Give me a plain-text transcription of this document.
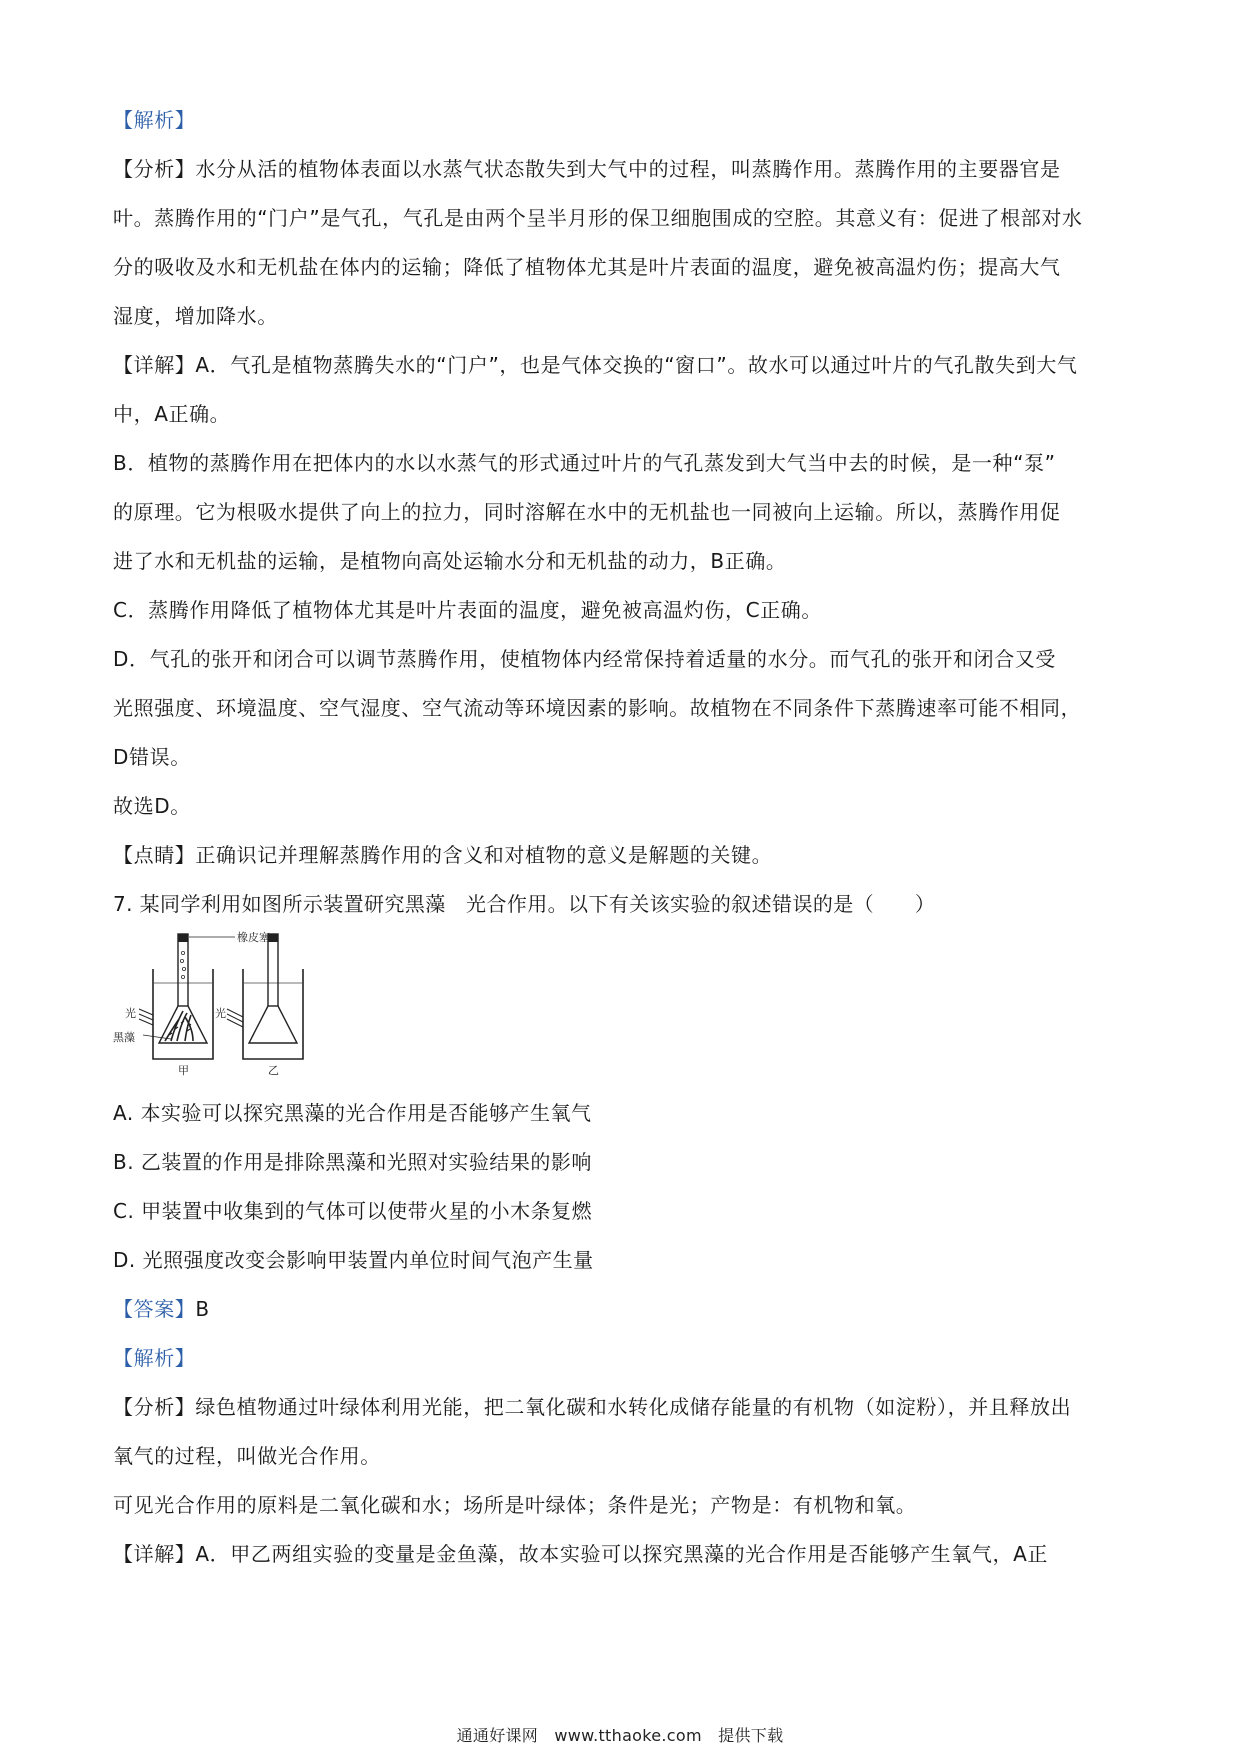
【解析】
【分析】水分从活的植物体表面以水蒸气状态散失到大气中的过程，叫蒸腾作用。蒸腾作用的主要器官是
叶。蒸腾作用的“门户”是气孔，气孔是由两个呈半月形的保卫细胞围成的空腔。其意义有：促进了根部对水
分的吸收及水和无机盐在体内的运输；降低了植物体尤其是叶片表面的温度，避免被高温灼伤；提高大气
湿度，增加降水。
【详解】A．气孔是植物蒸腾失水的“门户”，也是气体交换的“窗口”。故水可以通过叶片的气孔散失到大气
中，A正确。
B．植物的蒸腾作用在把体内的水以水蒸气的形式通过叶片的气孔蒸发到大气当中去的时候，是一种“泵”
的原理。它为根吸水提供了向上的拉力，同时溶解在水中的无机盐也一同被向上运输。所以，蒸腾作用促
进了水和无机盐的运输，是植物向高处运输水分和无机盐的动力，B正确。
C．蒸腾作用降低了植物体尤其是叶片表面的温度，避免被高温灼伤，C正确。
D．气孔的张开和闭合可以调节蒸腾作用，使植物体内经常保持着适量的水分。而气孔的张开和闭合又受
光照强度、环境温度、空气湿度、空气流动等环境因素的影响。故植物在不同条件下蒸腾速率可能不相同，
D错误。
故选D。
【点睛】正确识记并理解蒸腾作用的含义和对植物的意义是解题的关键。
7. 某同学利用如图所示装置研究黑藻　光合作用。以下有关该实验的叙述错误的是（　　）
橡皮塞
光
黑藻
光
甲	乙
A. 本实验可以探究黑藻的光合作用是否能够产生氧气
B. 乙装置的作用是排除黑藻和光照对实验结果的影响
C. 甲装置中收集到的气体可以使带火星的小木条复燃
D. 光照强度改变会影响甲装置内单位时间气泡产生量
【答案】B
【解析】
【分析】绿色植物通过叶绿体利用光能，把二氧化碳和水转化成储存能量的有机物（如淀粉），并且释放出
氧气的过程，叫做光合作用。
可见光合作用的原料是二氧化碳和水；场所是叶绿体；条件是光；产物是：有机物和氧。
【详解】A．甲乙两组实验的变量是金鱼藻，故本实验可以探究黑藻的光合作用是否能够产生氧气，A正
通通好课网　www.tthaoke.com　提供下载
